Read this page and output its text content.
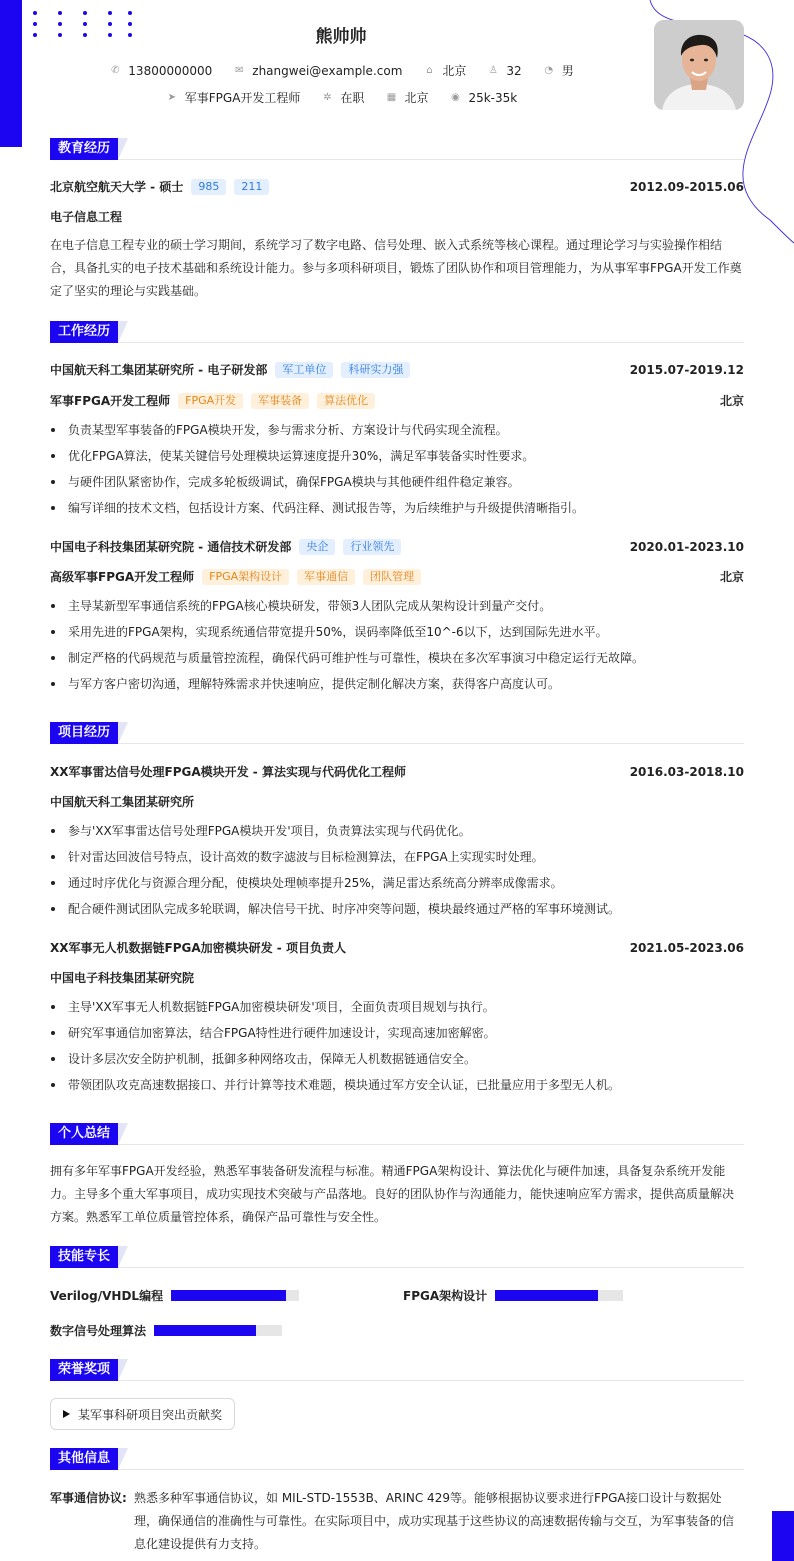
熊帅帅
✆ 13800000000 ✉ zhangwei@example.com	⌂ 北京 ♙ 32 ◔ 男
➤ 军事FPGA开发工程师 ✲ 在职 ▦ 北京 ◉ 25k-35k
教育经历
北京航空航天大学 - 硕士	985	211	2012.09-2015.06
电子信息工程
在电子信息工程专业的硕士学习期间，系统学习了数字电路、信号处理、嵌入式系统等核心课程。通过理论学习与实验操作相结合，具备扎实的电子技术基础和系统设计能力。参与多项科研项目，锻炼了团队协作和项目管理能力，为从事军事FPGA开发工作奠定了坚实的理论与实践基础。
工作经历
中国航天科工集团某研究所 - 电子研发部	军工单位	科研实力强	2015.07-2019.12
军事FPGA开发工程师	FPGA开发	军事装备	算法优化	北京
负责某型军事装备的FPGA模块开发，参与需求分析、方案设计与代码实现全流程。
优化FPGA算法，使某关键信号处理模块运算速度提升30%，满足军事装备实时性要求。
与硬件团队紧密协作，完成多轮板级调试，确保FPGA模块与其他硬件组件稳定兼容。
编写详细的技术文档，包括设计方案、代码注释、测试报告等，为后续维护与升级提供清晰指引。
中国电子科技集团某研究院 - 通信技术研发部	央企	行业领先	2020.01-2023.10
高级军事FPGA开发工程师	FPGA架构设计	军事通信	团队管理	北京
主导某新型军事通信系统的FPGA核心模块研发，带领3人团队完成从架构设计到量产交付。
采用先进的FPGA架构，实现系统通信带宽提升50%，误码率降低至10^-6以下，达到国际先进水平。
制定严格的代码规范与质量管控流程，确保代码可维护性与可靠性，模块在多次军事演习中稳定运行无故障。
与军方客户密切沟通，理解特殊需求并快速响应，提供定制化解决方案，获得客户高度认可。
项目经历
XX军事雷达信号处理FPGA模块开发 - 算法实现与代码优化工程师	2016.03-2018.10
中国航天科工集团某研究所
参与'XX军事雷达信号处理FPGA模块开发'项目，负责算法实现与代码优化。
针对雷达回波信号特点，设计高效的数字滤波与目标检测算法，在FPGA上实现实时处理。
通过时序优化与资源合理分配，使模块处理帧率提升25%，满足雷达系统高分辨率成像需求。
配合硬件测试团队完成多轮联调，解决信号干扰、时序冲突等问题，模块最终通过严格的军事环境测试。
XX军事无人机数据链FPGA加密模块研发 - 项目负责人	2021.05-2023.06
中国电子科技集团某研究院
主导'XX军事无人机数据链FPGA加密模块研发'项目，全面负责项目规划与执行。
研究军事通信加密算法，结合FPGA特性进行硬件加速设计，实现高速加密解密。
设计多层次安全防护机制，抵御多种网络攻击，保障无人机数据链通信安全。
带领团队攻克高速数据接口、并行计算等技术难题，模块通过军方安全认证，已批量应用于多型无人机。
个人总结
拥有多年军事FPGA开发经验，熟悉军事装备研发流程与标准。精通FPGA架构设计、算法优化与硬件加速，具备复杂系统开发能力。主导多个重大军事项目，成功实现技术突破与产品落地。良好的团队协作与沟通能力，能快速响应军方需求，提供高质量解决方案。熟悉军工单位质量管控体系，确保产品可靠性与安全性。
技能专长
Verilog/VHDL编程	FPGA架构设计
数字信号处理算法
荣誉奖项
某军事科研项目突出贡献奖
其他信息
军事通信协议: 熟悉多种军事通信协议，如 MIL-STD-1553B、ARINC 429等。能够根据协议要求进行FPGA接口设计与数据处理，确保通信的准确性与可靠性。在实际项目中，成功实现基于这些协议的高速数据传输与交互，为军事装备的信息化建设提供有力支持。
